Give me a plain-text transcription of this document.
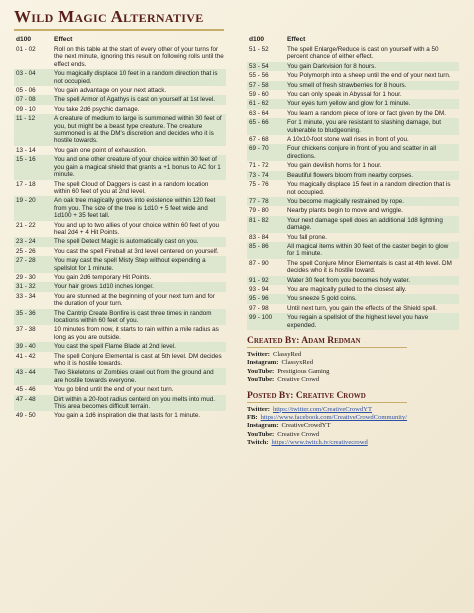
Wild Magic Alternative
d100	Effect
01 - 02	Roll on this table at the start of every other of your turns for the next minute, ignoring this result on following rolls until the effect ends.
03 - 04	You magically displace 10 feet in a random direction that is not occupied.
05 - 06	You gain advantage on your next attack.
07 - 08	The spell Armor of Agathys is cast on yourself at 1st level.
09 - 10	You take 2d6 psychic damage.
11 - 12	A creature of medium to large is summoned within 30 feet of you, but might be a beast type creature. The creature summoned is at the DM's discretion and decides who it is hostile towards.
13 - 14	You gain one point of exhaustion.
15 - 16	You and one other creature of your choice within 30 feet of you gain a magical shield that grants a +1 bonus to AC for 1 minute.
17 - 18	The spell Cloud of Daggers is cast in a random location within 60 feet of you at 2nd level.
19 - 20	An oak tree magically grows into existence within 120 feet from you. The size of the tree is 1d10 + 5 feet wide and 1d100 + 35 feet tall.
21 - 22	You and up to two allies of your choice within 60 feet of you heal 2d4 + 4 Hit Points.
23 - 24	The spell Detect Magic is automatically cast on you.
25 - 26	You cast the spell Fireball at 3rd level centered on yourself.
27 - 28	You may cast the spell Misty Step without expending a spellslot for 1 minute.
29 - 30	You gain 2d6 temporary Hit Points.
31 - 32	Your hair grows 1d10 inches longer.
33 - 34	You are stunned at the beginning of your next turn and for the duration of your turn.
35 - 36	The Cantrip Create Bonfire is cast three times in random locations within 60 feet of you.
37 - 38	10 minutes from now, it starts to rain within a mile radius as long as you are outside.
39 - 40	You cast the spell Flame Blade at 2nd level.
41 - 42	The spell Conjure Elemental is cast at 5th level. DM decides who it is hostile towards.
43 - 44	Two Skeletons or Zombies crawl out from the ground and are hostile towards everyone.
45 - 46	You go blind until the end of your next turn.
47 - 48	Dirt within a 20-foot radius centerd on you melts into mud. This area becomes difficult terrain.
49 - 50	You gain a 1d6 inspiration die that lasts for 1 minute.
d100	Effect
51 - 52	The spell Enlarge/Reduce is cast on yourself with a 50 percent chance of either effect.
53 - 54	You gain Darkvision for 8 hours.
55 - 56	You Polymorph into a sheep until the end of your next turn.
57 - 58	You smell of fresh strawberries for 8 hours.
59 - 60	You can only speak in Abyssal for 1 hour.
61 - 62	Your eyes turn yellow and glow for 1 minute.
63 - 64	You learn a random piece of lore or fact given by the DM.
65 - 66	For 1 minute, you are resistant to slashing damage, but vulnerable to bludgeoning.
67 - 68	A 10x10-foot stone wall rises in front of you.
69 - 70	Four chickens conjure in front of you and scatter in all directions.
71 - 72	You gain devilish horns for 1 hour.
73 - 74	Beautiful flowers bloom from nearby corpses.
75 - 76	You magically displace 15 feet in a random direction that is not occupied.
77 - 78	You become magically restrained by rope.
79 - 80	Nearby plants begin to move and wriggle.
81 - 82	Your next damage spell does an additional 1d8 lightning damage.
83 - 84	You fall prone.
85 - 86	All magical items within 30 feet of the caster begin to glow for 1 minute.
87 - 90	The spell Conjure Minor Elementals is cast at 4th level. DM decides who it is hostile toward.
91 - 92	Water 30 feet from you becomes holy water.
93 - 94	You are magically pulled to the closest ally.
95 - 96	You sneeze 5 gold coins.
97 - 98	Until next turn, you gain the effects of the Shield spell.
99 - 100	You regain a spellslot of the highest level you have expended.
Created By: Adam Redman
Twitter: ClassyRed
Instagram: ClassyxRed
YouTube: Prestigious Gaming
YouTube: Creative Crowd
Posted By: Creative Crowd
Twitter: https://twitter.com/CreativeCrowdYT
FB: https://www.facebook.com/CreativeCrowdCommunity/
Instagram: CreativeCrowdYT
YouTube: Creative Crowd
Twitch: https://www.twitch.tv/creativecrowd
